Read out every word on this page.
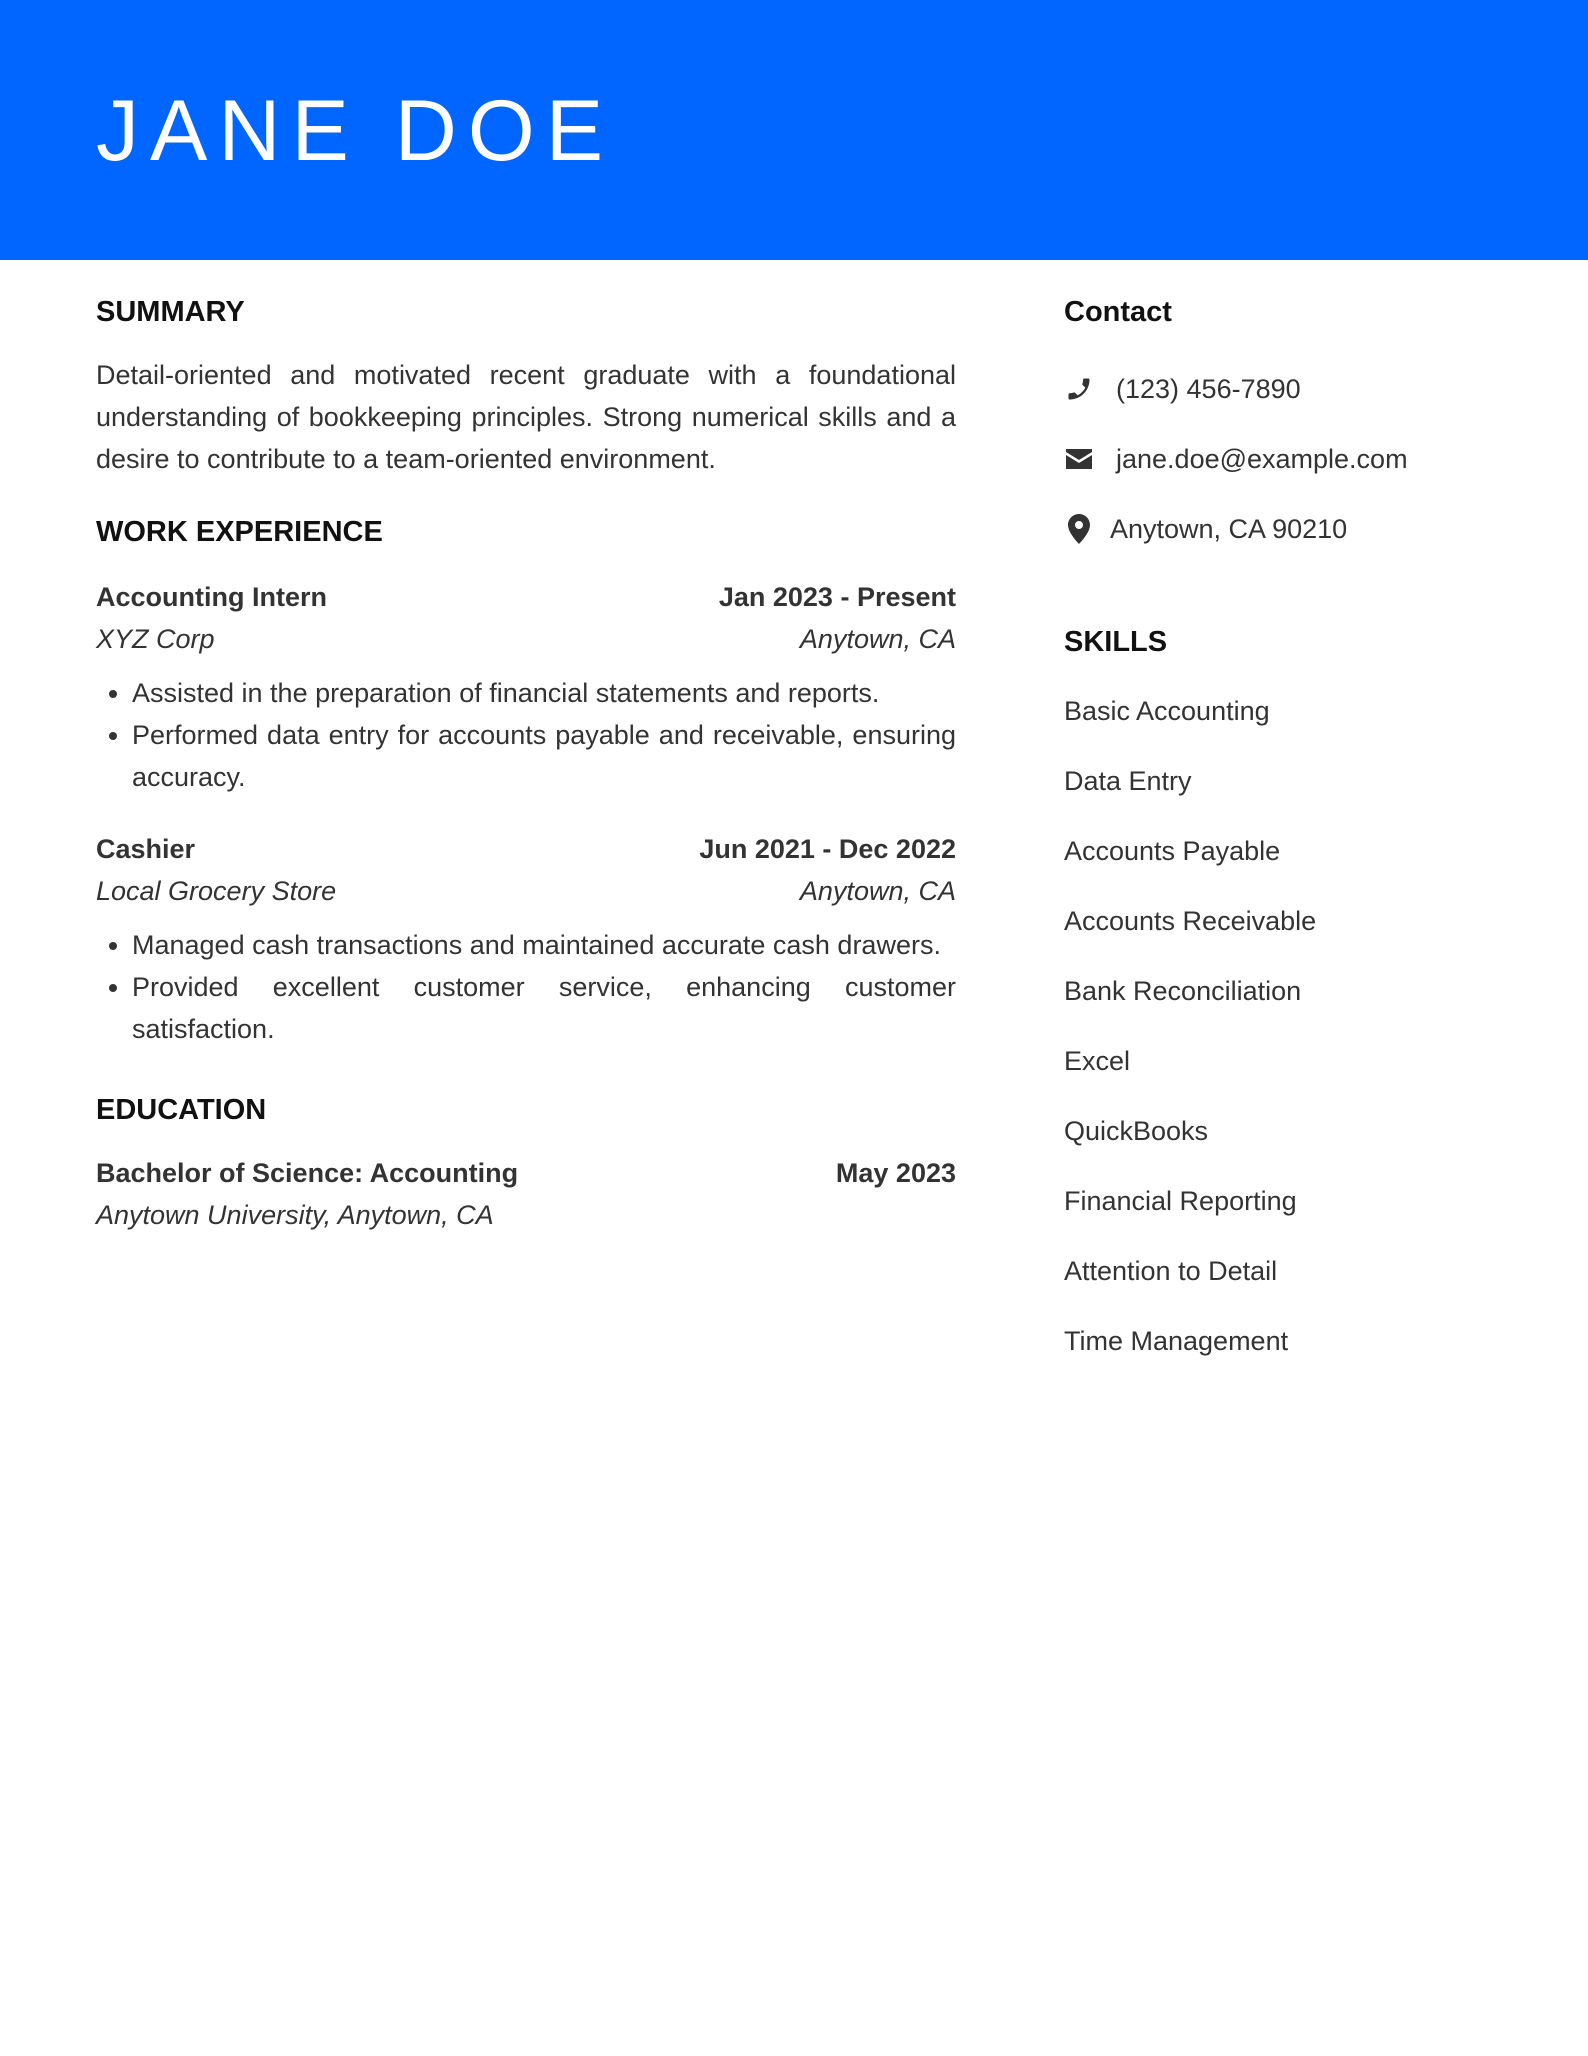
JANE DOE
SUMMARY

Detail-oriented and motivated recent graduate with a foundational understanding of bookkeeping principles. Strong numerical skills and a desire to contribute to a team-oriented environment.

WORK EXPERIENCE
Accounting Intern	Jan 2023 - Present
XYZ Corp	Anytown, CA
• Assisted in the preparation of financial statements and reports.
• Performed data entry for accounts payable and receivable, ensuring accuracy.
Cashier	Jun 2021 - Dec 2022
Local Grocery Store	Anytown, CA
• Managed cash transactions and maintained accurate cash drawers.
• Provided excellent customer service, enhancing customer satisfaction.
EDUCATION
Bachelor of Science: Accounting	May 2023
Anytown University, Anytown, CA
Contact
(123) 456-7890
jane.doe@example.com
Anytown, CA 90210
SKILLS
Basic Accounting
Data Entry
Accounts Payable
Accounts Receivable
Bank Reconciliation
Excel
QuickBooks
Financial Reporting
Attention to Detail
Time Management
